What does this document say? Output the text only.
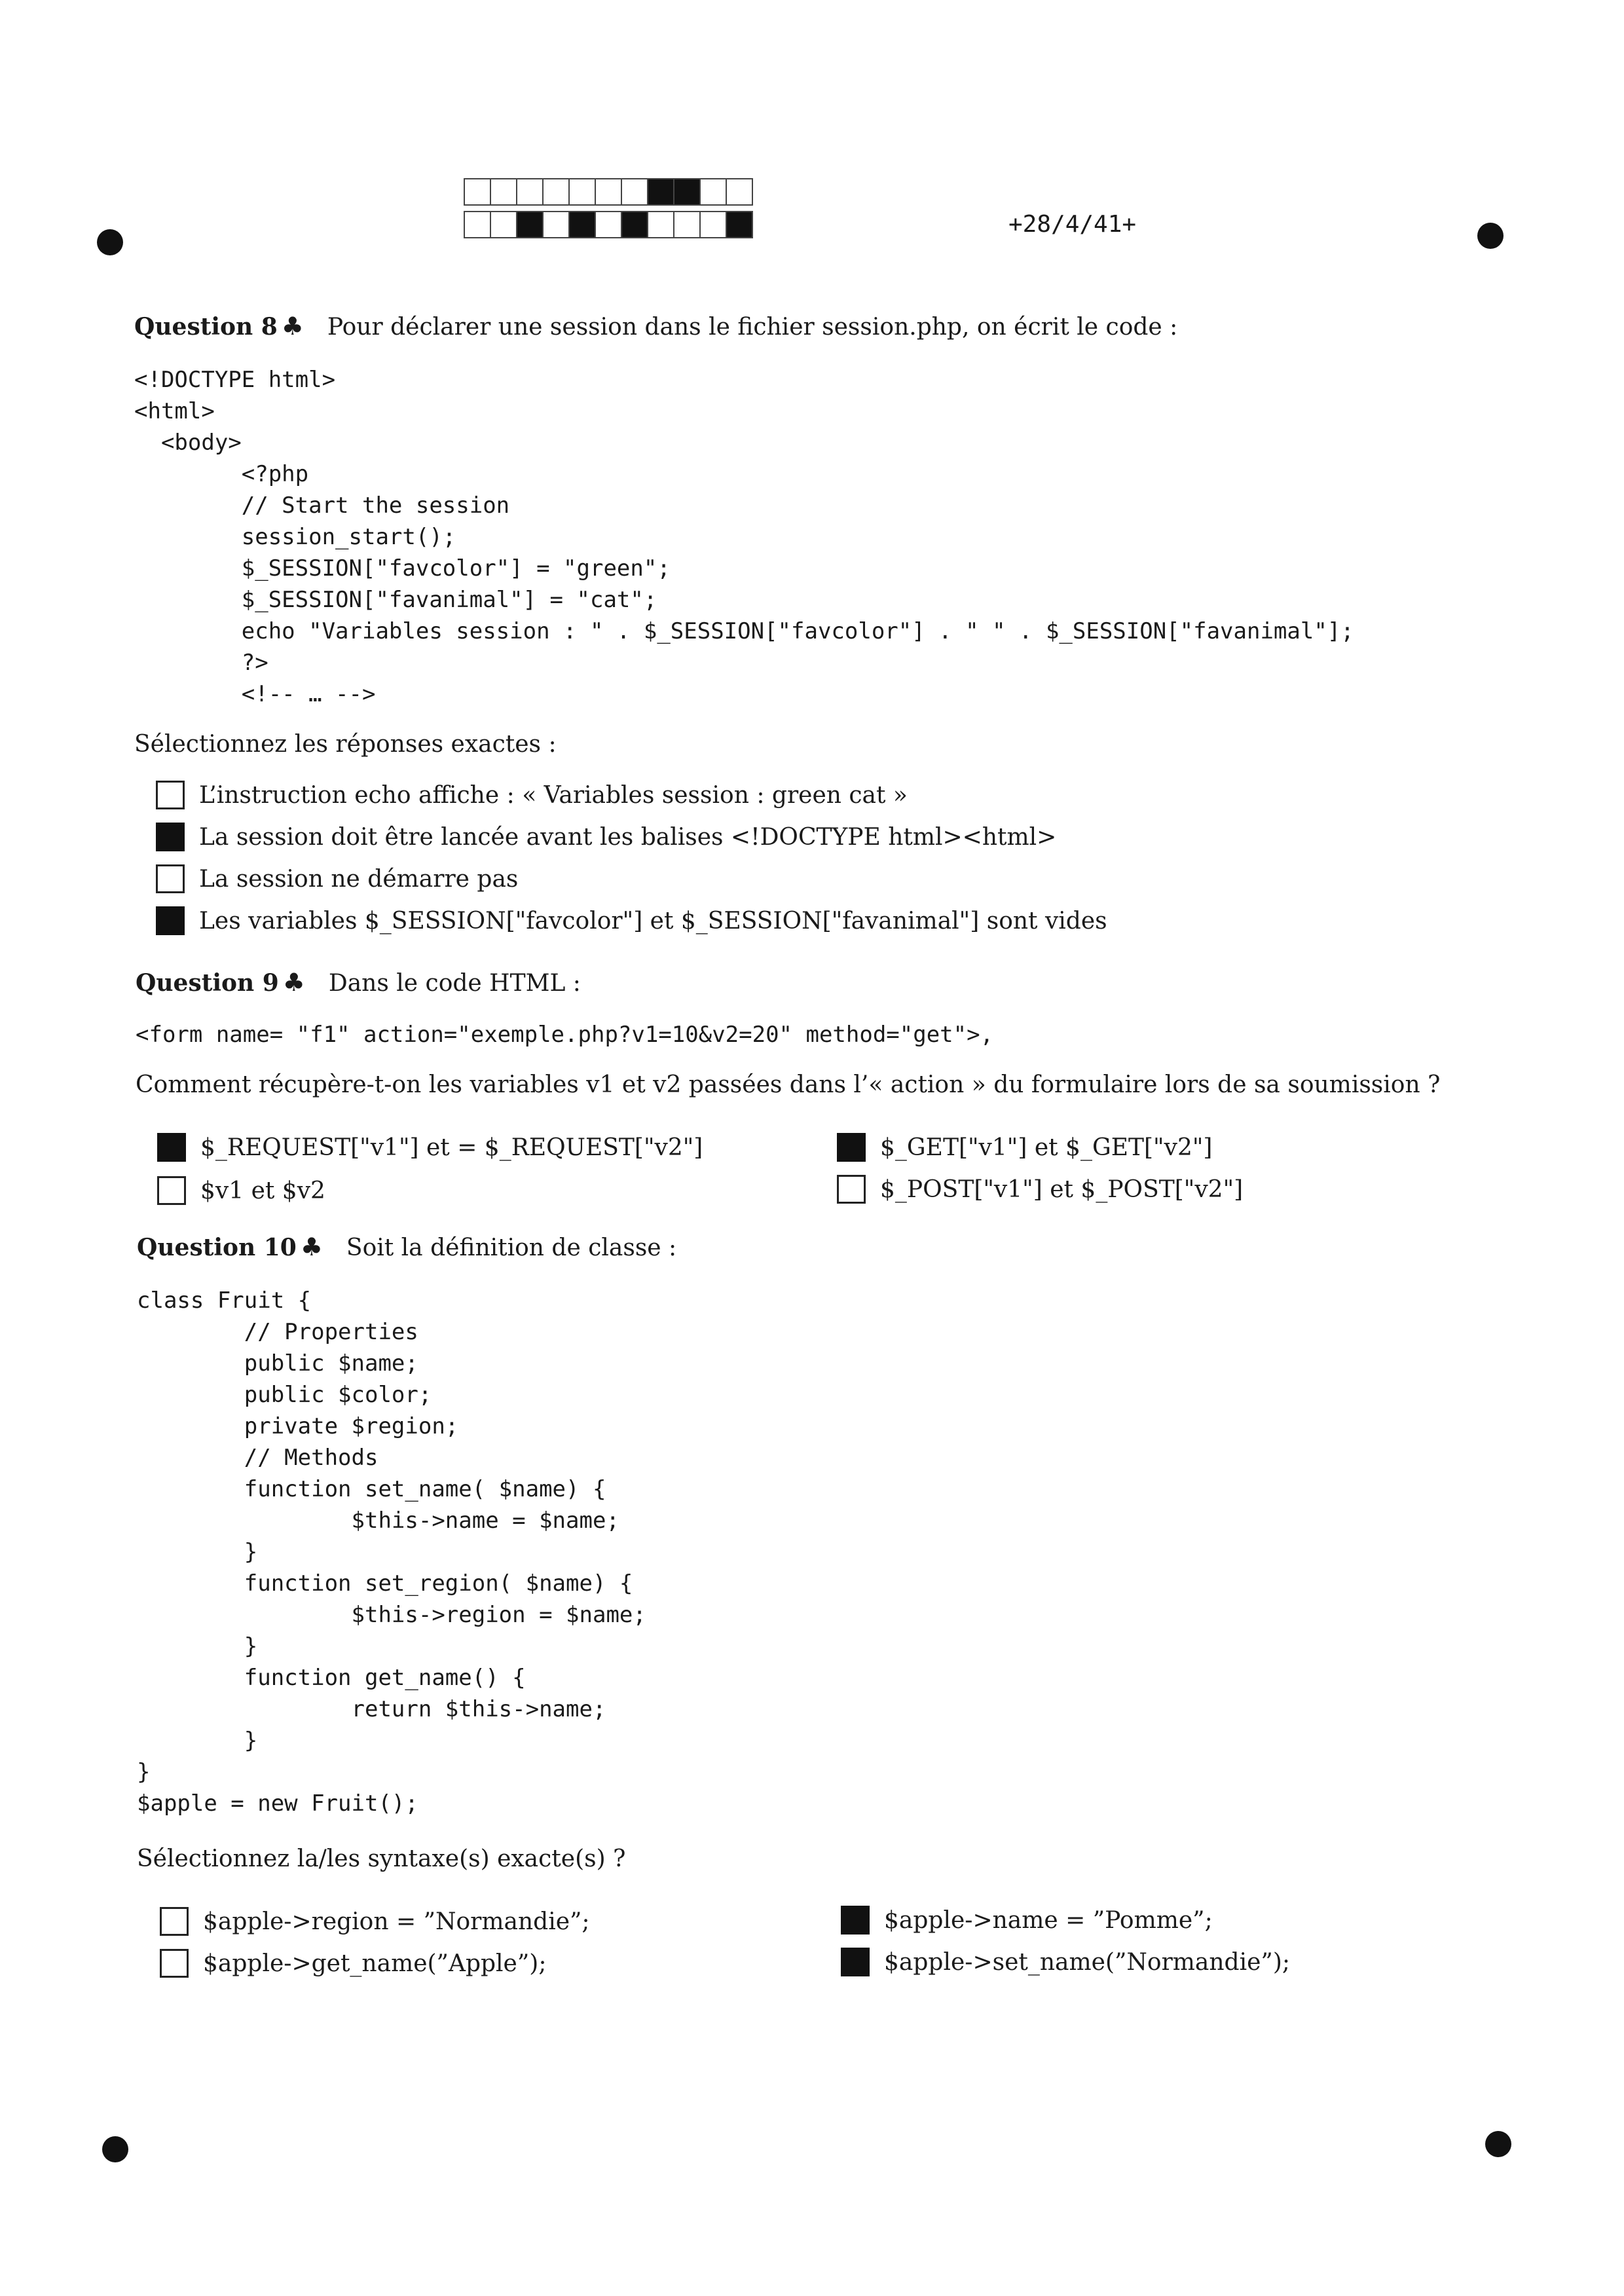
+28/4/41+
Question 8 ♣ Pour déclarer une session dans le fichier session.php, on écrit le code :
<!DOCTYPE html>
<html>
<body>
<?php
// Start the session
session_start();
$_SESSION["favcolor"] = "green";
$_SESSION["favanimal"] = "cat";
echo "Variables session : " . $_SESSION["favcolor"] . " " . $_SESSION["favanimal"];
?>
<!-- … -->
Sélectionnez les réponses exactes :
L’instruction echo affiche : « Variables session : green cat »
La session doit être lancée avant les balises <!DOCTYPE html><html>
La session ne démarre pas
Les variables $_SESSION["favcolor"] et $_SESSION["favanimal"] sont vides
Question 9 ♣ Dans le code HTML :
<form name= "f1" action="exemple.php?v1=10&v2=20" method="get">,
Comment récupère-t-on les variables v1 et v2 passées dans l’« action » du formulaire lors de sa soumission ?
$_REQUEST["v1"] et = $_REQUEST["v2"]
$v1 et $v2
$_GET["v1"] et $_GET["v2"]
$_POST["v1"] et $_POST["v2"]
Question 10 ♣ Soit la définition de classe :
class Fruit {
// Properties
public $name;
public $color;
private $region;
// Methods
function set_name( $name) {
$this->name = $name;
}
function set_region( $name) {
$this->region = $name;
}
function get_name() {
return $this->name;
}
}
$apple = new Fruit();
Sélectionnez la/les syntaxe(s) exacte(s) ?
$apple->region = ”Normandie”;
$apple->get_name(”Apple”);
$apple->name = ”Pomme”;
$apple->set_name(”Normandie”);
